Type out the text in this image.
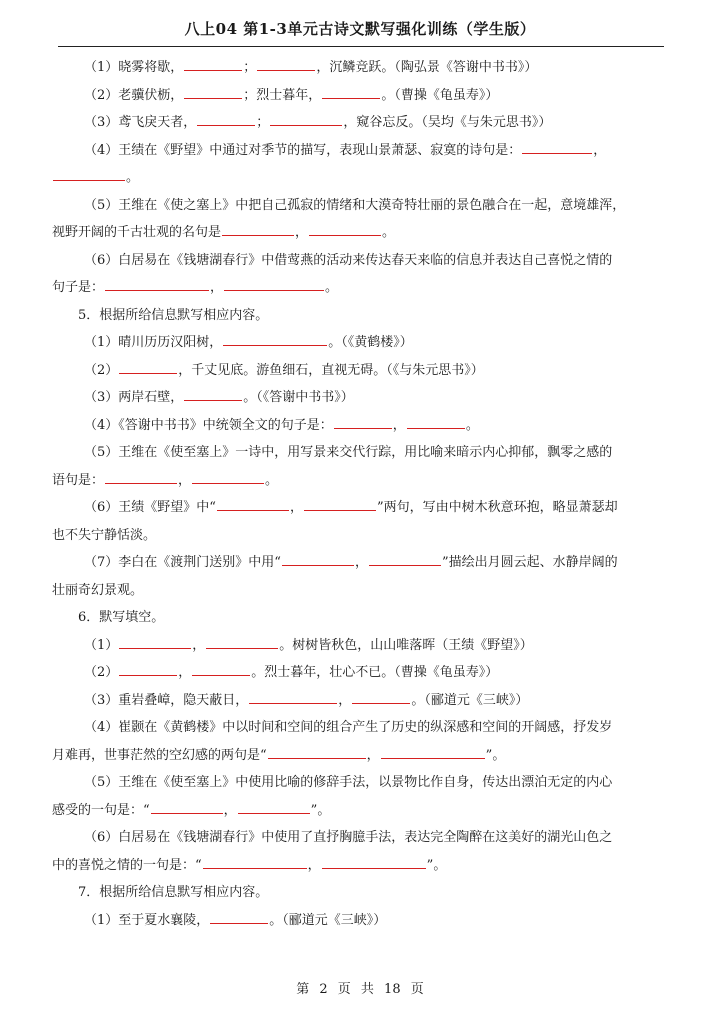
八上04 第1-3单元古诗文默写强化训练（学生版）
（1）晓雾将歇，	；	，沉鳞竞跃。（陶弘景《答谢中书书》）
（2）老骥伏枥，	；烈士暮年，	。（曹操《龟虽寿》）
（3）鸢飞戾天者，	；	，窥谷忘反。（吴均《与朱元思书》）
（4）王绩在《野望》中通过对季节的描写，表现山景萧瑟、寂寞的诗句是：	，
。
（5）王维在《使之塞上》中把自己孤寂的情绪和大漠奇特壮丽的景色融合在一起，意境雄浑，
视野开阔的千古壮观的名句是	，	。
（6）白居易在《钱塘湖春行》中借莺燕的活动来传达春天来临的信息并表达自己喜悦之情的
句子是：	，	。
5．根据所给信息默写相应内容。
（1）晴川历历汉阳树，	。（《黄鹤楼》）
（2）	，千丈见底。游鱼细石，直视无碍。（《与朱元思书》）
（3）两岸石壁，	。（《答谢中书书》）
（4）《答谢中书书》中统领全文的句子是：	，	。
（5）王维在《使至塞上》一诗中，用写景来交代行踪，用比喻来暗示内心抑郁，飘零之感的
语句是：	，	。
（6）王绩《野望》中“	，	”两句，写由中树木秋意环抱，略显萧瑟却
也不失宁静恬淡。
（7）李白在《渡荆门送别》中用“	，	”描绘出月圆云起、水静岸阔的
壮丽奇幻景观。
6．默写填空。
（1）	，	。树树皆秋色，山山唯落晖（王绩《野望》）
（2）	，	。烈士暮年，壮心不已。（曹操《龟虽寿》）
（3）重岩叠嶂，隐天蔽日，	，	。（郦道元《三峡》）
（4）崔颢在《黄鹤楼》中以时间和空间的组合产生了历史的纵深感和空间的开阔感，抒发岁
月难再，世事茫然的空幻感的两句是“	，	”。
（5）王维在《使至塞上》中使用比喻的修辞手法，以景物比作自身，传达出漂泊无定的内心
感受的一句是：“	，	”。
（6）白居易在《钱塘湖春行》中使用了直抒胸臆手法，表达完全陶醉在这美好的湖光山色之
中的喜悦之情的一句是：“	，	”。
7．根据所给信息默写相应内容。
（1）至于夏水襄陵，	。（郦道元《三峡》）
第 2 页 共 18 页
